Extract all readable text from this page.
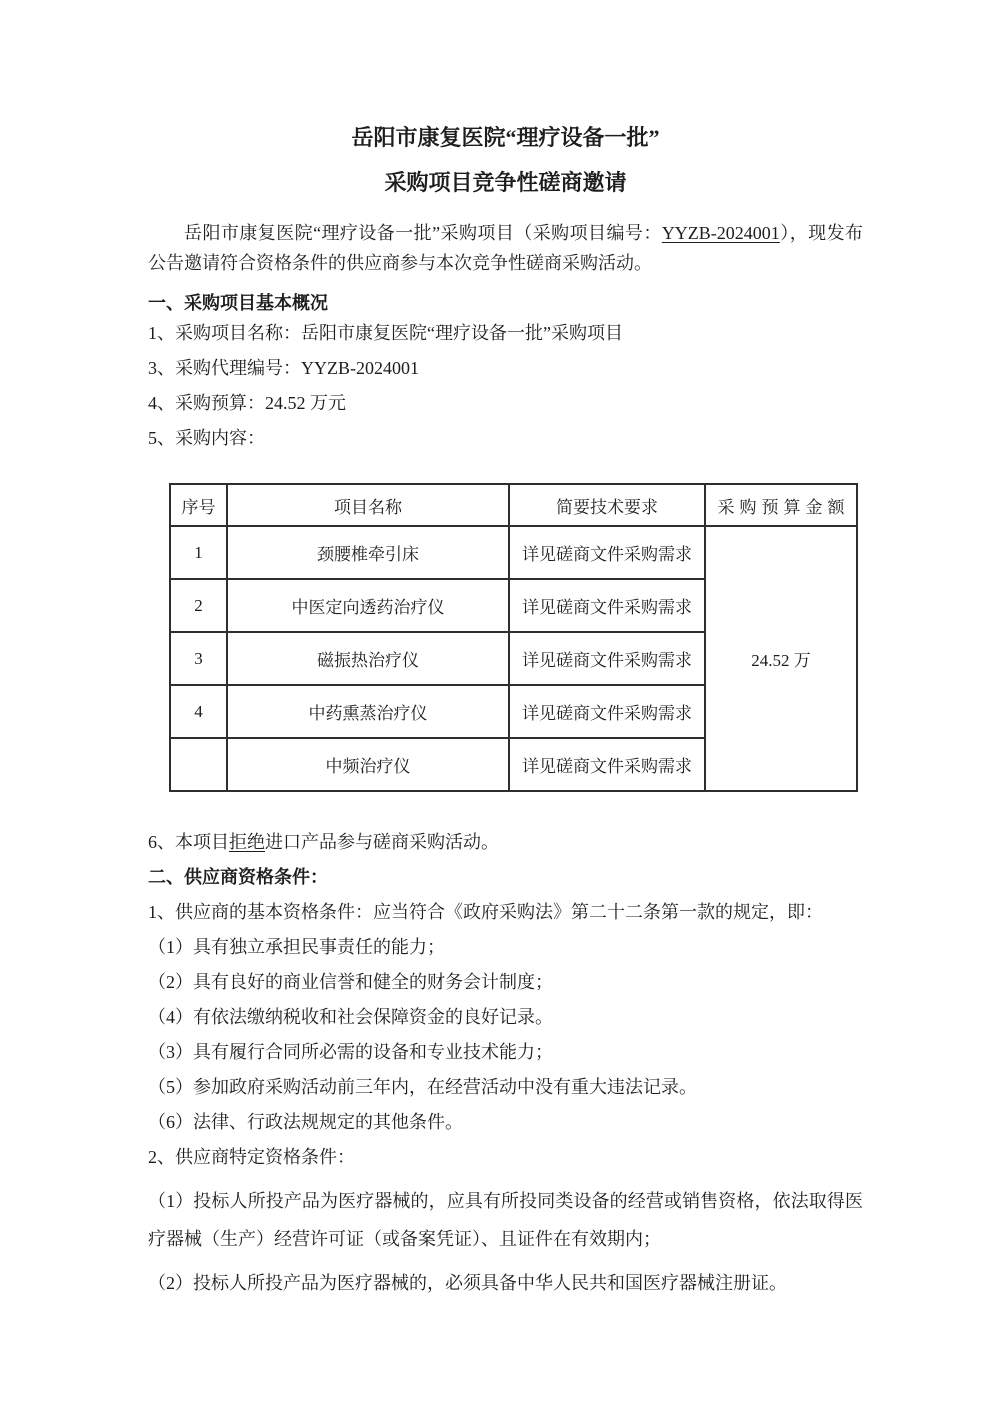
岳阳市康复医院“理疗设备一批”
采购项目竞争性磋商邀请

岳阳市康复医院“理疗设备一批”采购项目（采购项目编号：YYZB-2024001），现发布公告邀请符合资格条件的供应商参与本次竞争性磋商采购活动。

一、采购项目基本概况

1、采购项目名称：岳阳市康复医院“理疗设备一批”采购项目

3、采购代理编号：YYZB-2024001

4、采购预算：24.52 万元

5、采购内容：

序号	项目名称	简要技术要求	采购预算金额
1	颈腰椎牵引床	详见磋商文件采购需求	24.52 万
2	中医定向透药治疗仪	详见磋商文件采购需求	
3	磁振热治疗仪	详见磋商文件采购需求	
4	中药熏蒸治疗仪	详见磋商文件采购需求	
	中频治疗仪	详见磋商文件采购需求	

6、本项目拒绝进口产品参与磋商采购活动。

二、供应商资格条件：

1、供应商的基本资格条件：应当符合《政府采购法》第二十二条第一款的规定，即：

（1）具有独立承担民事责任的能力；

（2）具有良好的商业信誉和健全的财务会计制度；

（4）有依法缴纳税收和社会保障资金的良好记录。

（3）具有履行合同所必需的设备和专业技术能力；

（5）参加政府采购活动前三年内，在经营活动中没有重大违法记录。

（6）法律、行政法规规定的其他条件。

2、供应商特定资格条件：

（1）投标人所投产品为医疗器械的，应具有所投同类设备的经营或销售资格，依法取得医疗器械（生产）经营许可证（或备案凭证）、且证件在有效期内；

（2）投标人所投产品为医疗器械的，必须具备中华人民共和国医疗器械注册证。
